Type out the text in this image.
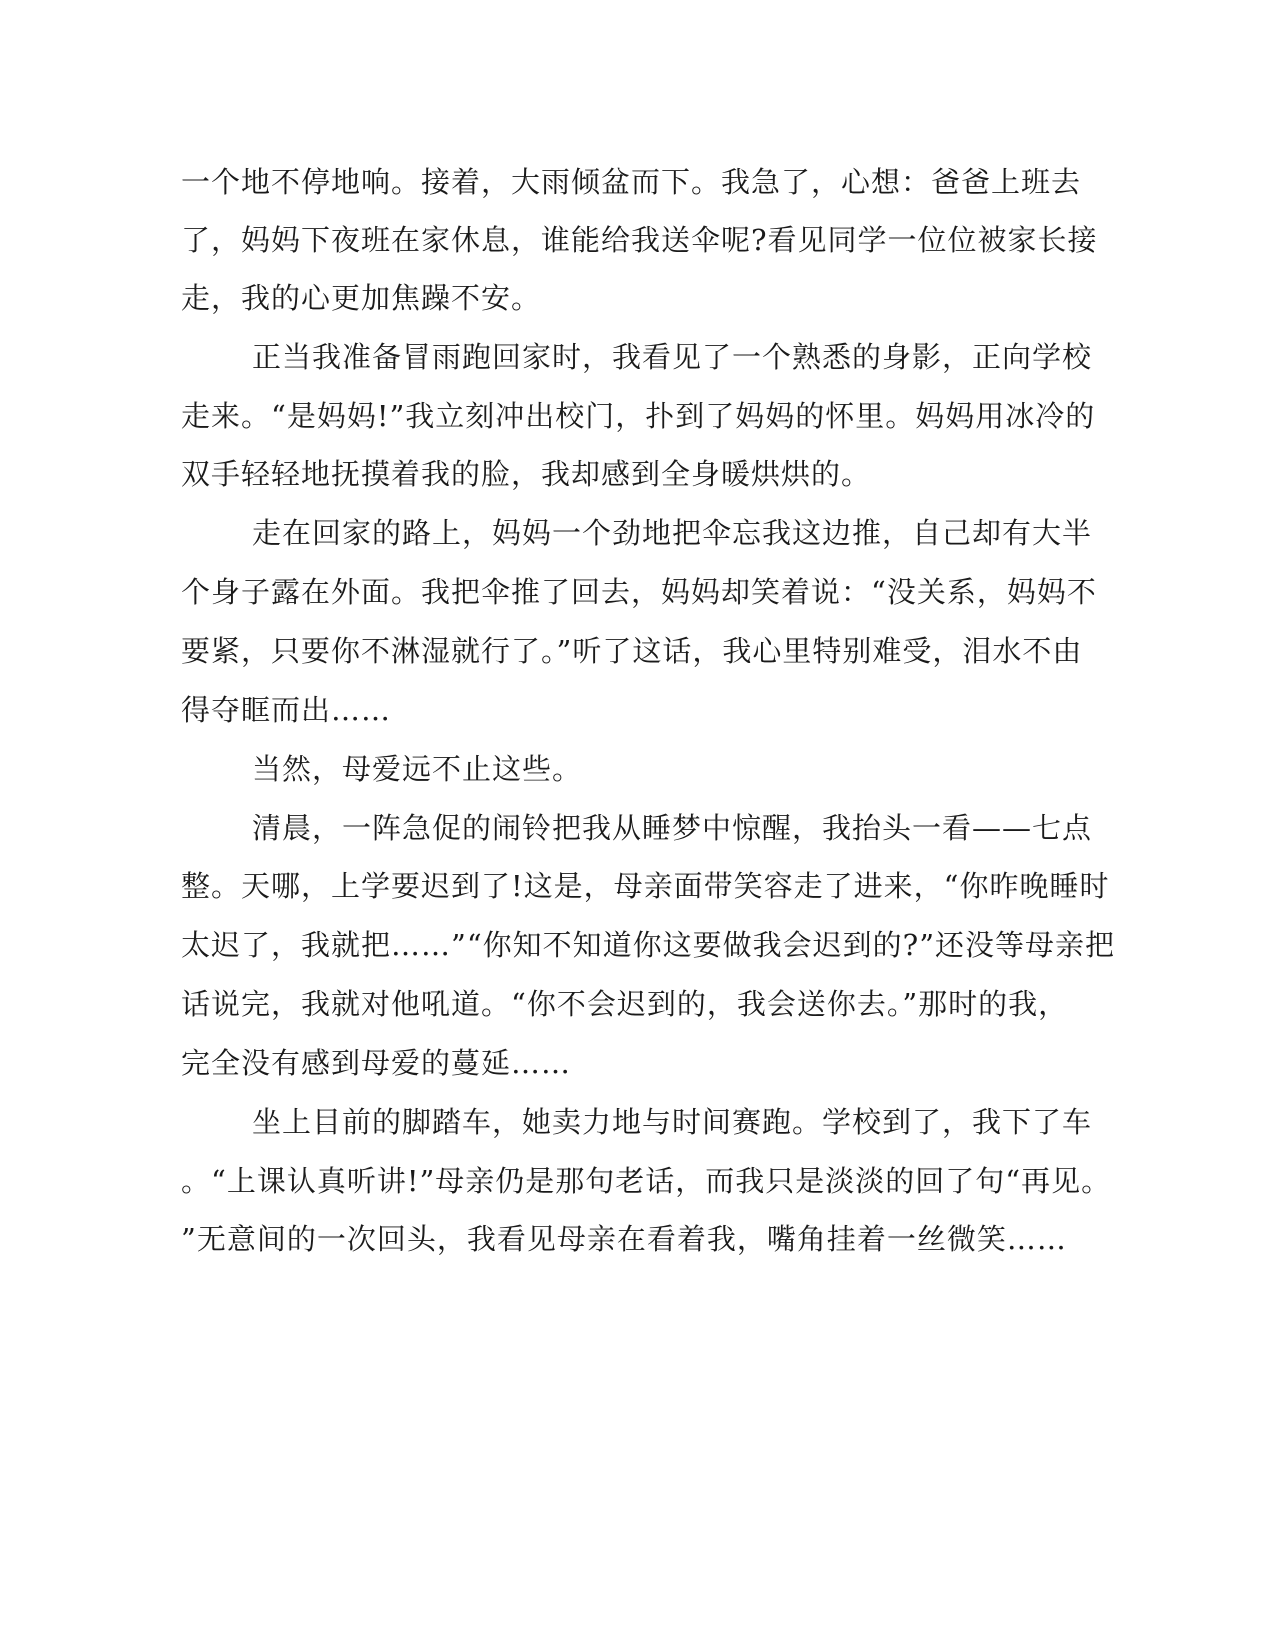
一个地不停地响。接着，大雨倾盆而下。我急了，心想：爸爸上班去
了，妈妈下夜班在家休息，谁能给我送伞呢?看见同学一位位被家长接
走，我的心更加焦躁不安。
正当我准备冒雨跑回家时，我看见了一个熟悉的身影，正向学校
走来。“是妈妈!”我立刻冲出校门，扑到了妈妈的怀里。妈妈用冰冷的
双手轻轻地抚摸着我的脸，我却感到全身暖烘烘的。
走在回家的路上，妈妈一个劲地把伞忘我这边推，自己却有大半
个身子露在外面。我把伞推了回去，妈妈却笑着说：“没关系，妈妈不
要紧，只要你不淋湿就行了。”听了这话，我心里特别难受，泪水不由
得夺眶而出……
当然，母爱远不止这些。
清晨，一阵急促的闹铃把我从睡梦中惊醒，我抬头一看——七点
整。天哪，上学要迟到了!这是，母亲面带笑容走了进来，“你昨晚睡时
太迟了，我就把……”“你知不知道你这要做我会迟到的?”还没等母亲把
话说完，我就对他吼道。“你不会迟到的，我会送你去。”那时的我，
完全没有感到母爱的蔓延……
坐上目前的脚踏车，她卖力地与时间赛跑。学校到了，我下了车
。“上课认真听讲!”母亲仍是那句老话，而我只是淡淡的回了句“再见。
”无意间的一次回头，我看见母亲在看着我，嘴角挂着一丝微笑……
